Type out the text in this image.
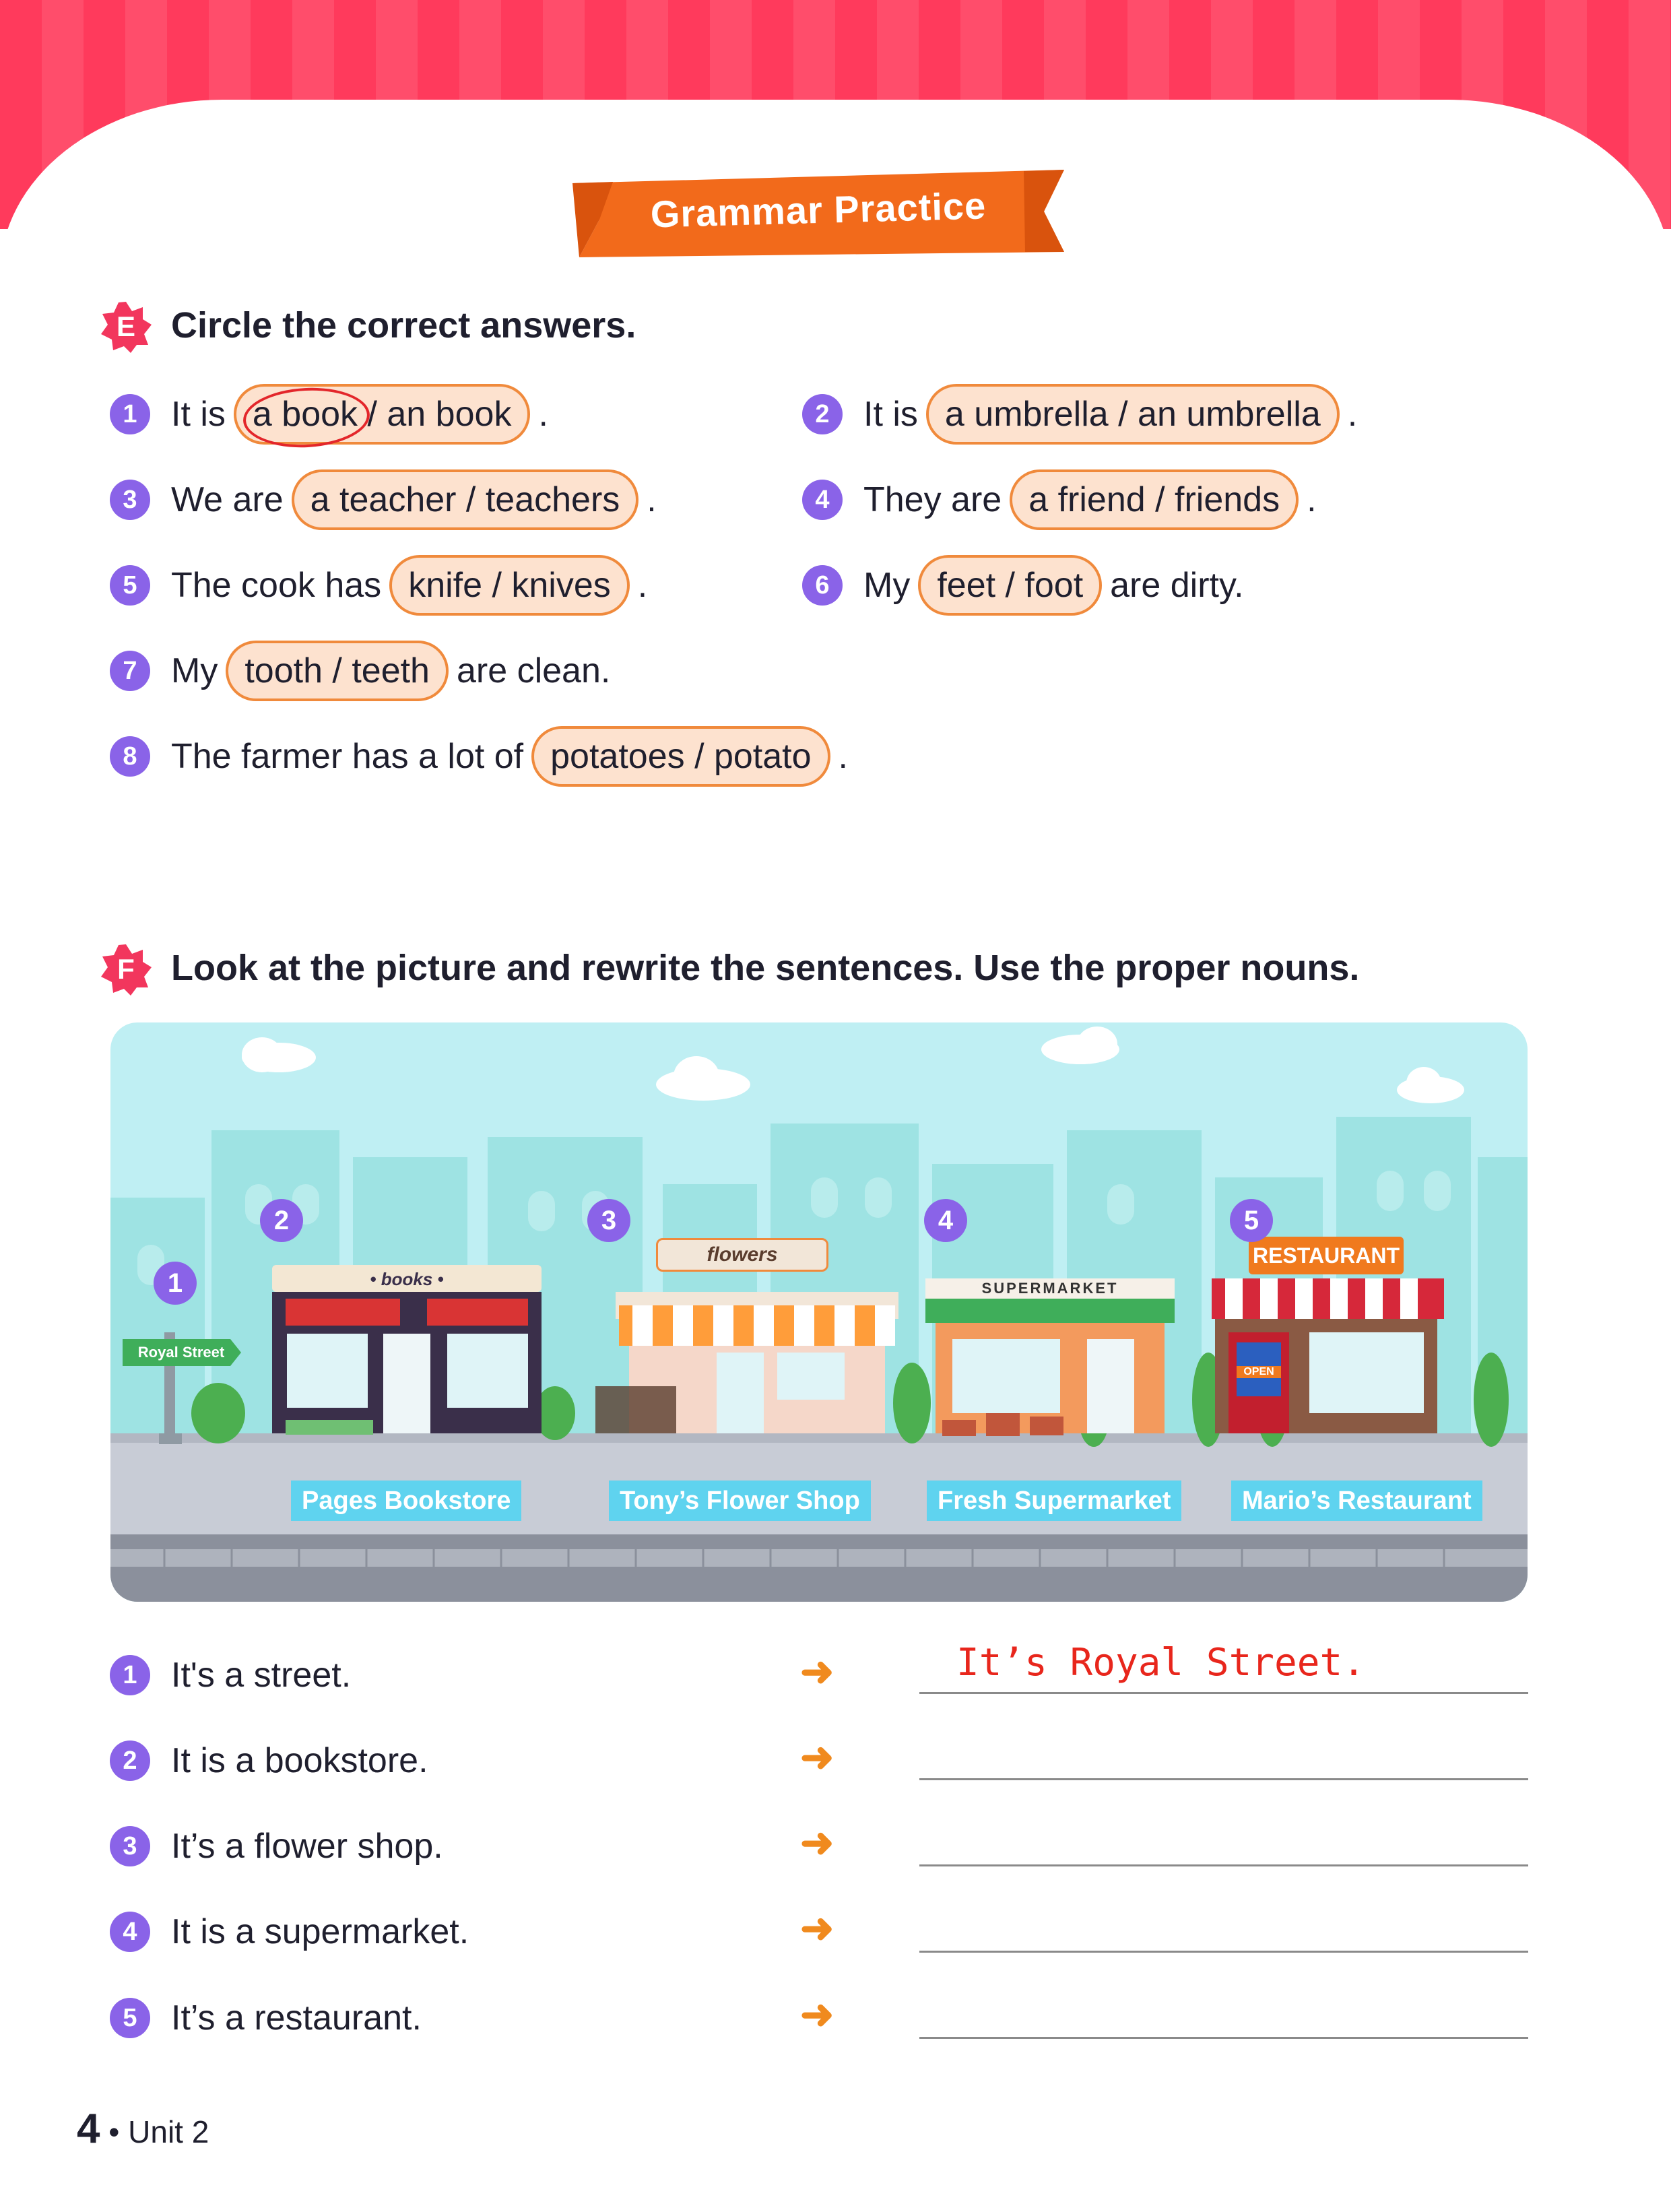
Grammar Practice
E Circle the correct answers.
1 It is a book / an book .	2 It is a umbrella / an umbrella .
3 We are a teacher / teachers .	4 They are a friend / friends .
5 The cook has knife / knives .	6 My feet / foot are dirty.
7 My tooth / teeth are clean.
8 The farmer has a lot of potatoes / potato .
F	Look at the picture and rewrite the sentences. Use the proper nouns.
Royal Street
• books •
flowers
SUPERMARKET
RESTAURANT
OPEN
1
2	3	4	5
Pages Bookstore	Tony’s Flower Shop	Fresh Supermarket	Mario’s Restaurant
1 It's a street.	➜	It’s Royal Street.
2 It is a bookstore.	➜
3 It’s a flower shop.	➜
4 It is a supermarket.	➜
5 It’s a restaurant.	➜
4 • Unit 2
